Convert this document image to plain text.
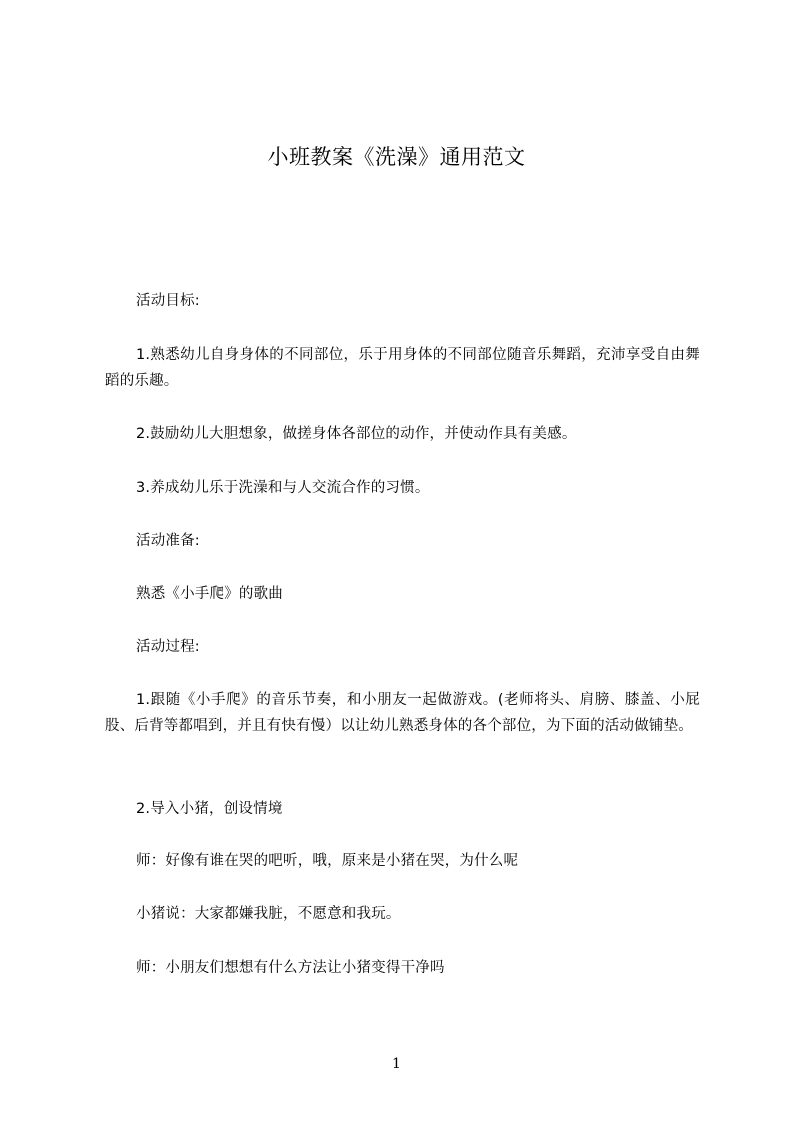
小班教案《洗澡》通用范文

活动目标:

1.熟悉幼儿自身身体的不同部位，乐于用身体的不同部位随音乐舞蹈，充沛享受自由舞蹈的乐趣。

2.鼓励幼儿大胆想象，做搓身体各部位的动作，并使动作具有美感。

3.养成幼儿乐于洗澡和与人交流合作的习惯。

活动准备:

熟悉《小手爬》的歌曲

活动过程:

1.跟随《小手爬》的音乐节奏，和小朋友一起做游戏。(老师将头、肩膀、膝盖、小屁股、后背等都唱到，并且有快有慢）以让幼儿熟悉身体的各个部位，为下面的活动做铺垫。

2.导入小猪，创设情境

师：好像有谁在哭的吧听，哦，原来是小猪在哭，为什么呢

小猪说：大家都嫌我脏，不愿意和我玩。

师：小朋友们想想有什么方法让小猪变得干净吗

1
